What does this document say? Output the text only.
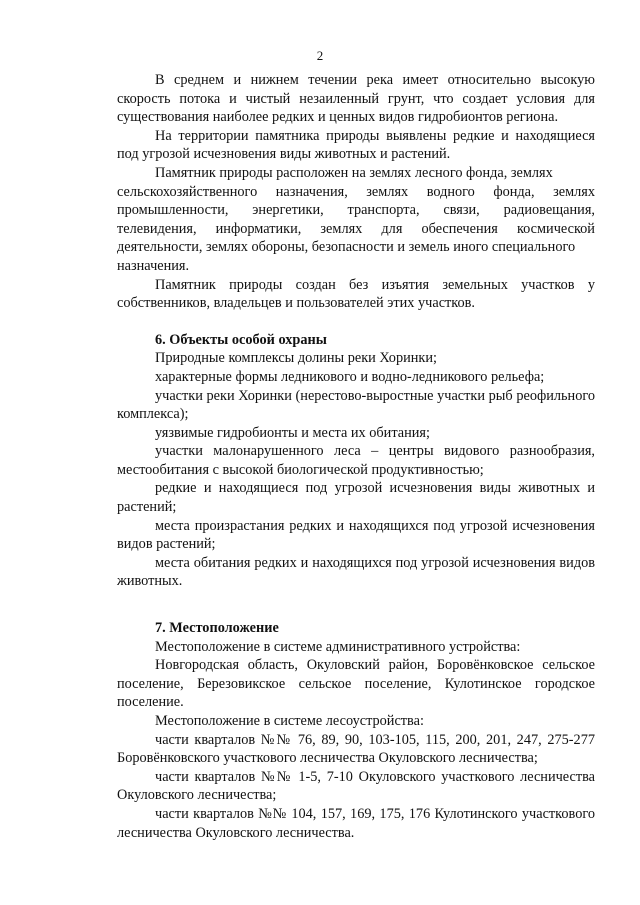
2

В среднем и нижнем течении река имеет относительно высокую скорость потока и чистый незаиленный грунт, что создает условия для существования наиболее редких и ценных видов гидробионтов региона.

На территории памятника природы выявлены редкие и находящиеся под угрозой исчезновения виды животных и растений.

Памятник природы расположен на землях лесного фонда, землях
сельскохозяйственного назначения, землях водного фонда, землях
промышленности, энергетики, транспорта, связи, радиовещания,
телевидения, информатики, землях для обеспечения космической
деятельности, землях обороны, безопасности и земель иного специального
назначения.

Памятник природы создан без изъятия земельных участков у собственников, владельцев и пользователей этих участков.

6. Объекты особой охраны

Природные комплексы долины реки Хоринки;

характерные формы ледникового и водно-ледникового рельефа;

участки реки Хоринки (нерестово-выростные участки рыб реофильного комплекса);

уязвимые гидробионты и места их обитания;

участки малонарушенного леса – центры видового разнообразия, местообитания с высокой биологической продуктивностью;

редкие и находящиеся под угрозой исчезновения виды животных и растений;

места произрастания редких и находящихся под угрозой исчезновения видов растений;

места обитания редких и находящихся под угрозой исчезновения видов животных.

7. Местоположение

Местоположение в системе административного устройства:

Новгородская область, Окуловский район, Боровёнковское сельское поселение, Березовикское сельское поселение, Кулотинское городское поселение.

Местоположение в системе лесоустройства:

части кварталов №№ 76, 89, 90, 103-105, 115, 200, 201, 247, 275-277 Боровёнковского участкового лесничества Окуловского лесничества;

части кварталов №№ 1-5, 7-10 Окуловского участкового лесничества Окуловского лесничества;

части кварталов №№ 104, 157, 169, 175, 176 Кулотинского участкового лесничества Окуловского лесничества.
